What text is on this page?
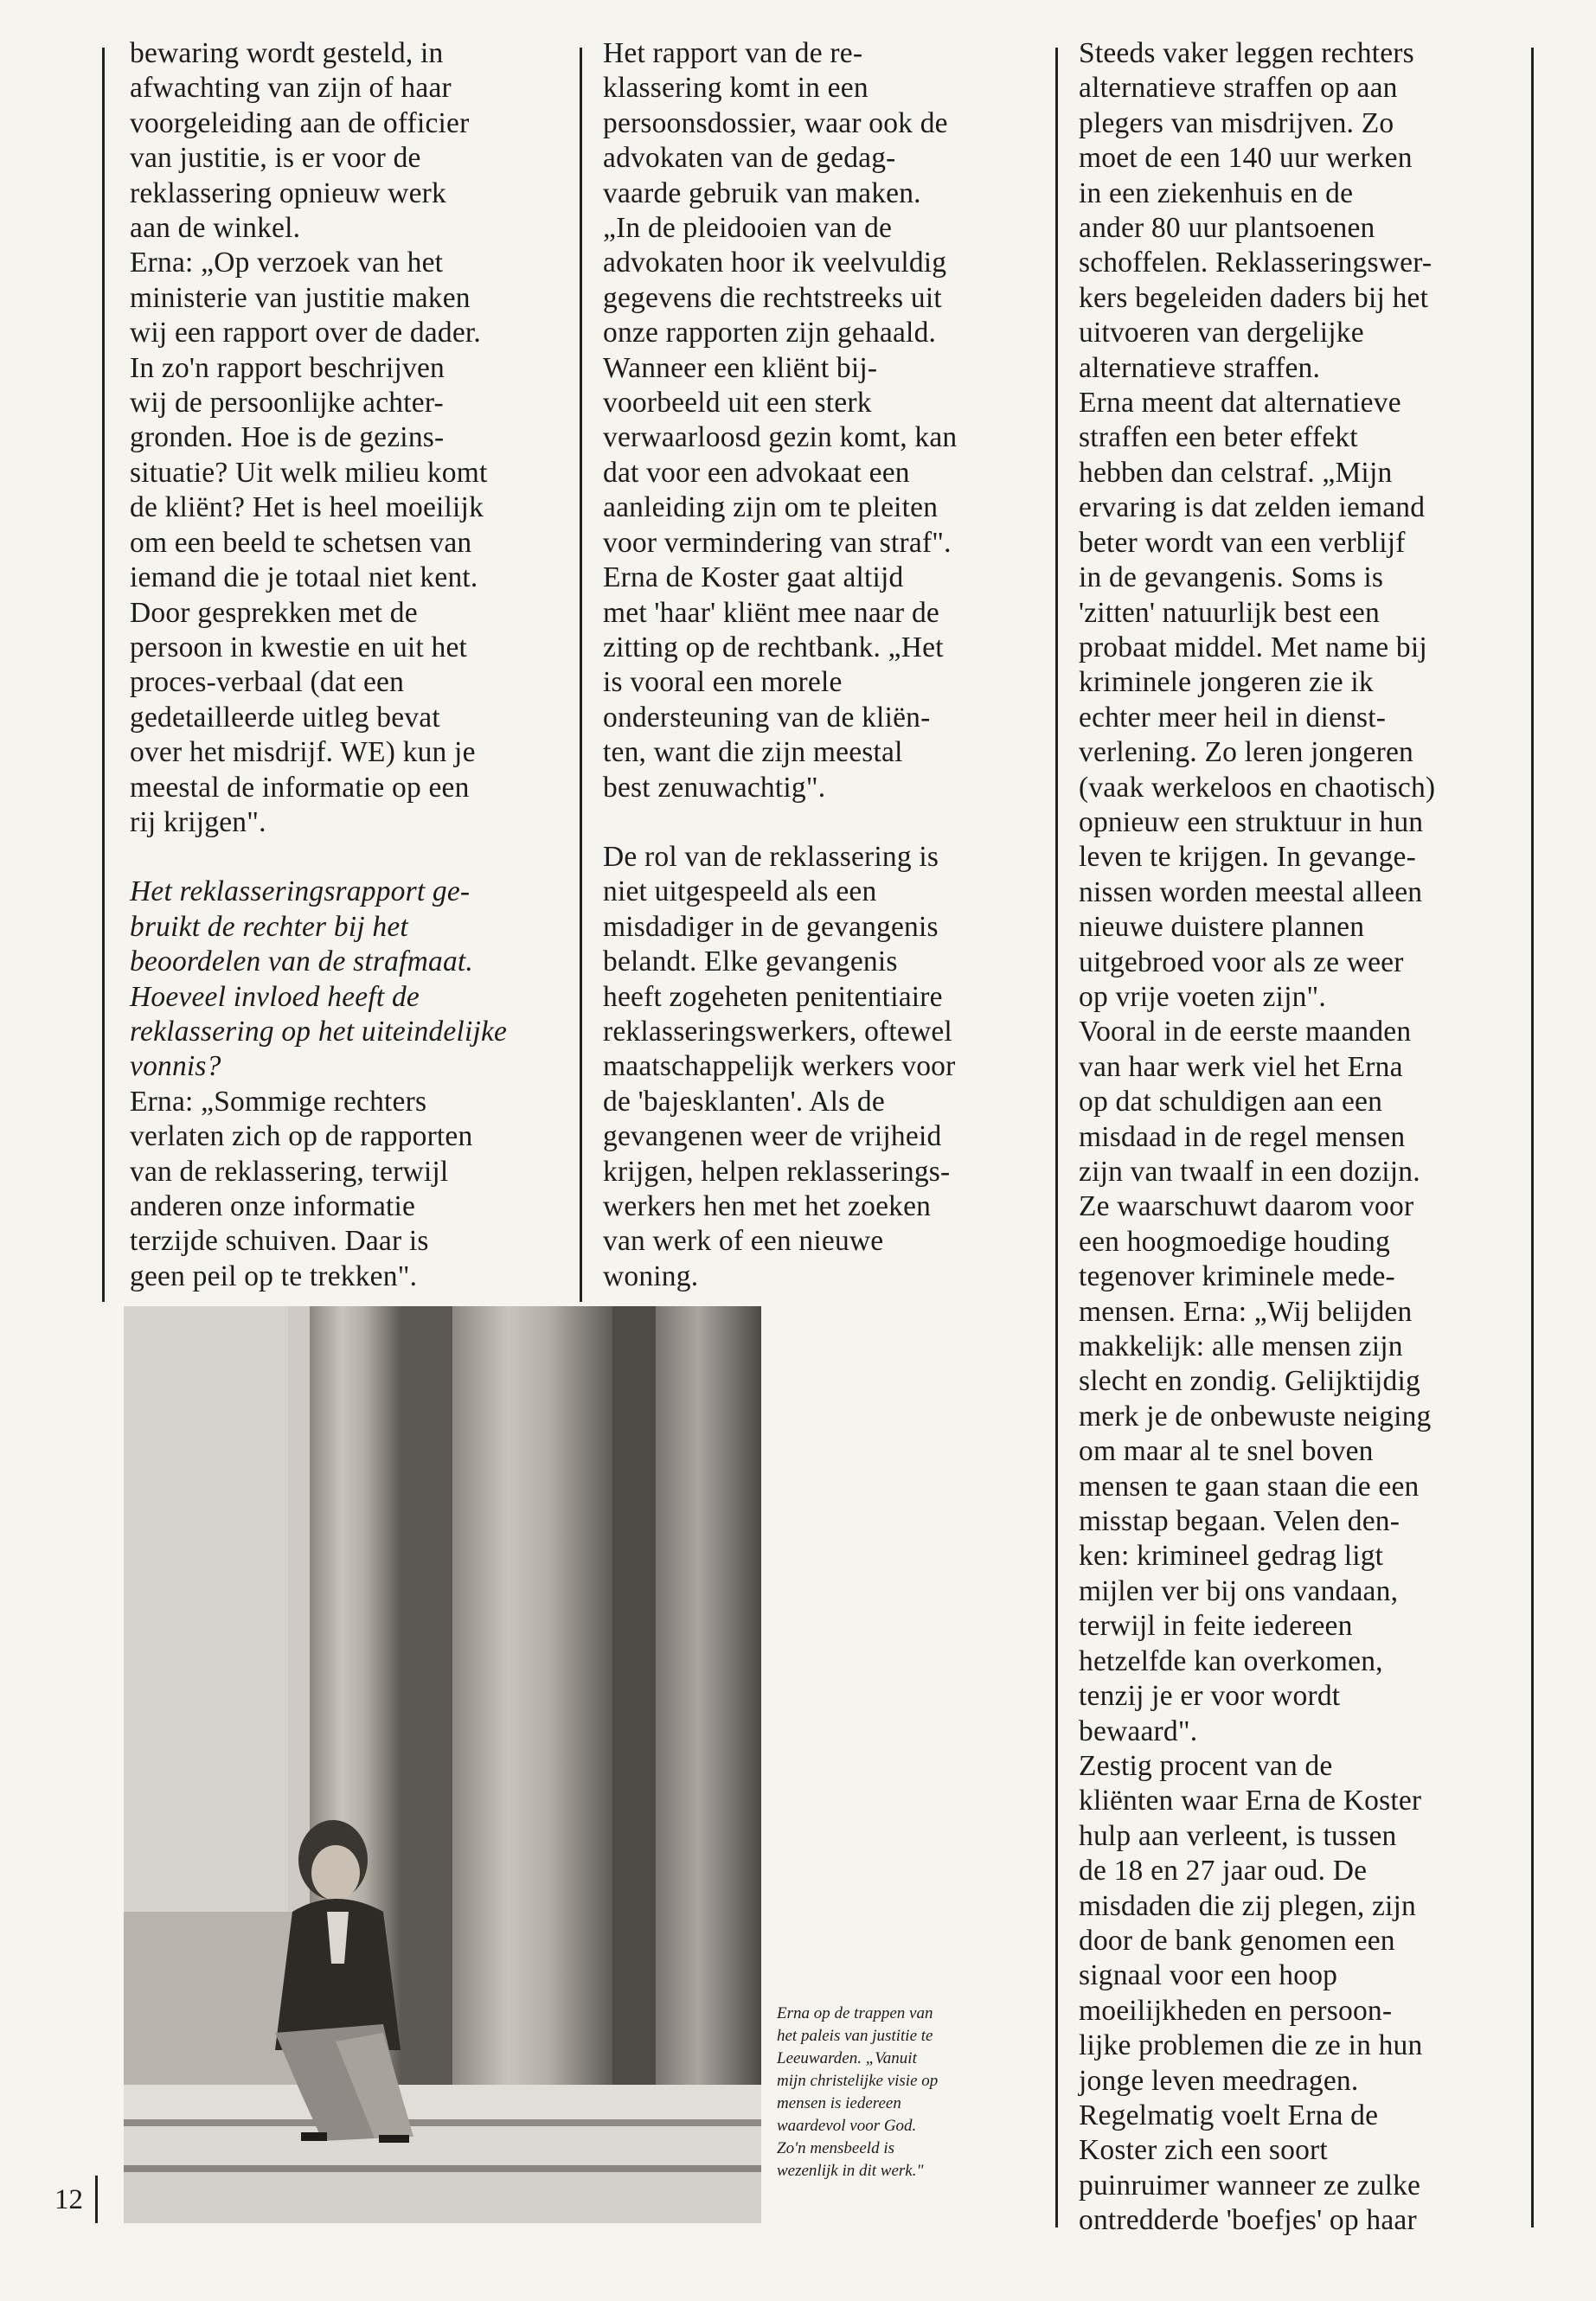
bewaring wordt gesteld, in

afwachting van zijn of haar

voorgeleiding aan de officier

van justitie, is er voor de

reklassering opnieuw werk

aan de winkel.

Erna: „Op verzoek van het

ministerie van justitie maken

wij een rapport over de dader.

In zo'n rapport beschrijven

wij de persoonlijke achter-

gronden. Hoe is de gezins-

situatie? Uit welk milieu komt

de kliënt? Het is heel moeilijk

om een beeld te schetsen van

iemand die je totaal niet kent.

Door gesprekken met de

persoon in kwestie en uit het

proces-verbaal (dat een

gedetailleerde uitleg bevat

over het misdrijf. WE) kun je

meestal de informatie op een

rij krijgen".

Het reklasseringsrapport ge-

bruikt de rechter bij het

beoordelen van de strafmaat.

Hoeveel invloed heeft de

reklassering op het uiteindelijke

vonnis?

Erna: „Sommige rechters

verlaten zich op de rapporten

van de reklassering, terwijl

anderen onze informatie

terzijde schuiven. Daar is

geen peil op te trekken".

Het rapport van de re-

klassering komt in een

persoonsdossier, waar ook de

advokaten van de gedag-

vaarde gebruik van maken.

„In de pleidooien van de

advokaten hoor ik veelvuldig

gegevens die rechtstreeks uit

onze rapporten zijn gehaald.

Wanneer een kliënt bij-

voorbeeld uit een sterk

verwaarloosd gezin komt, kan

dat voor een advokaat een

aanleiding zijn om te pleiten

voor vermindering van straf".

Erna de Koster gaat altijd

met 'haar' kliënt mee naar de

zitting op de rechtbank. „Het

is vooral een morele

ondersteuning van de kliën-

ten, want die zijn meestal

best zenuwachtig".

De rol van de reklassering is

niet uitgespeeld als een

misdadiger in de gevangenis

belandt. Elke gevangenis

heeft zogeheten penitentiaire

reklasseringswerkers, oftewel

maatschappelijk werkers voor

de 'bajesklanten'. Als de

gevangenen weer de vrijheid

krijgen, helpen reklasserings-

werkers hen met het zoeken

van werk of een nieuwe

woning.

Steeds vaker leggen rechters

alternatieve straffen op aan

plegers van misdrijven. Zo

moet de een 140 uur werken

in een ziekenhuis en de

ander 80 uur plantsoenen

schoffelen. Reklasseringswer-

kers begeleiden daders bij het

uitvoeren van dergelijke

alternatieve straffen.

Erna meent dat alternatieve

straffen een beter effekt

hebben dan celstraf. „Mijn

ervaring is dat zelden iemand

beter wordt van een verblijf

in de gevangenis. Soms is

'zitten' natuurlijk best een

probaat middel. Met name bij

kriminele jongeren zie ik

echter meer heil in dienst-

verlening. Zo leren jongeren

(vaak werkeloos en chaotisch)

opnieuw een struktuur in hun

leven te krijgen. In gevange-

nissen worden meestal alleen

nieuwe duistere plannen

uitgebroed voor als ze weer

op vrije voeten zijn".

Vooral in de eerste maanden

van haar werk viel het Erna

op dat schuldigen aan een

misdaad in de regel mensen

zijn van twaalf in een dozijn.

Ze waarschuwt daarom voor

een hoogmoedige houding

tegenover kriminele mede-

mensen. Erna: „Wij belijden

makkelijk: alle mensen zijn

slecht en zondig. Gelijktijdig

merk je de onbewuste neiging

om maar al te snel boven

mensen te gaan staan die een

misstap begaan. Velen den-

ken: krimineel gedrag ligt

mijlen ver bij ons vandaan,

terwijl in feite iedereen

hetzelfde kan overkomen,

tenzij je er voor wordt

bewaard".

Zestig procent van de

kliënten waar Erna de Koster

hulp aan verleent, is tussen

de 18 en 27 jaar oud. De

misdaden die zij plegen, zijn

door de bank genomen een

signaal voor een hoop

moeilijkheden en persoon-

lijke problemen die ze in hun

jonge leven meedragen.

Regelmatig voelt Erna de

Koster zich een soort

puinruimer wanneer ze zulke

ontredderde 'boefjes' op haar

Erna op de trappen van

het paleis van justitie te

Leeuwarden. „Vanuit

mijn christelijke visie op

mensen is iedereen

waardevol voor God.

Zo'n mensbeeld is

wezenlijk in dit werk."

12
